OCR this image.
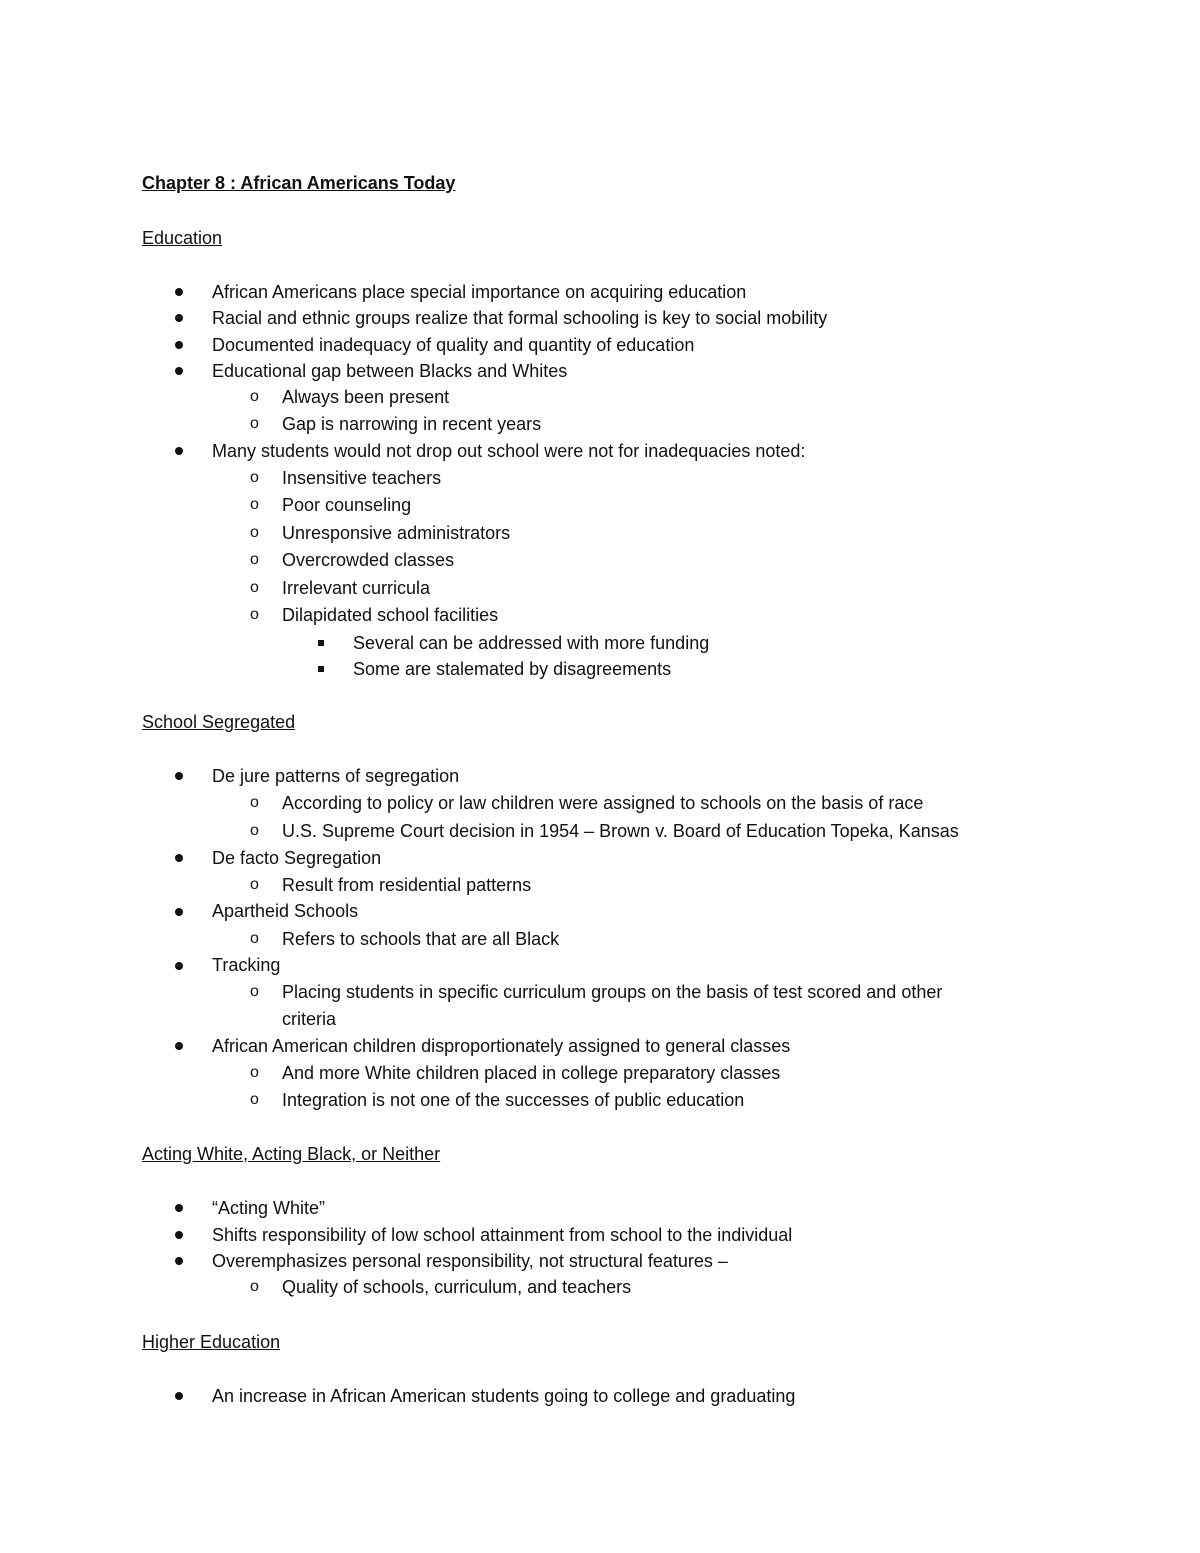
Chapter 8 : African Americans Today
Education
African Americans place special importance on acquiring education
Racial and ethnic groups realize that formal schooling is key to social mobility
Documented inadequacy of quality and quantity of education
Educational gap between Blacks and Whites
o Always been present
o Gap is narrowing in recent years
Many students would not drop out school were not for inadequacies noted:
o Insensitive teachers
o Poor counseling
o Unresponsive administrators
o Overcrowded classes
o Irrelevant curricula
o Dilapidated school facilities
Several can be addressed with more funding
Some are stalemated by disagreements
School Segregated
De jure patterns of segregation
o According to policy or law children were assigned to schools on the basis of race
o U.S. Supreme Court decision in 1954 – Brown v. Board of Education Topeka, Kansas
De facto Segregation
o Result from residential patterns
Apartheid Schools
o Refers to schools that are all Black
Tracking
o Placing students in specific curriculum groups on the basis of test scored and other
criteria
African American children disproportionately assigned to general classes
o And more White children placed in college preparatory classes
o Integration is not one of the successes of public education
Acting White, Acting Black, or Neither
“Acting White”
Shifts responsibility of low school attainment from school to the individual
Overemphasizes personal responsibility, not structural features –
o Quality of schools, curriculum, and teachers
Higher Education
An increase in African American students going to college and graduating
